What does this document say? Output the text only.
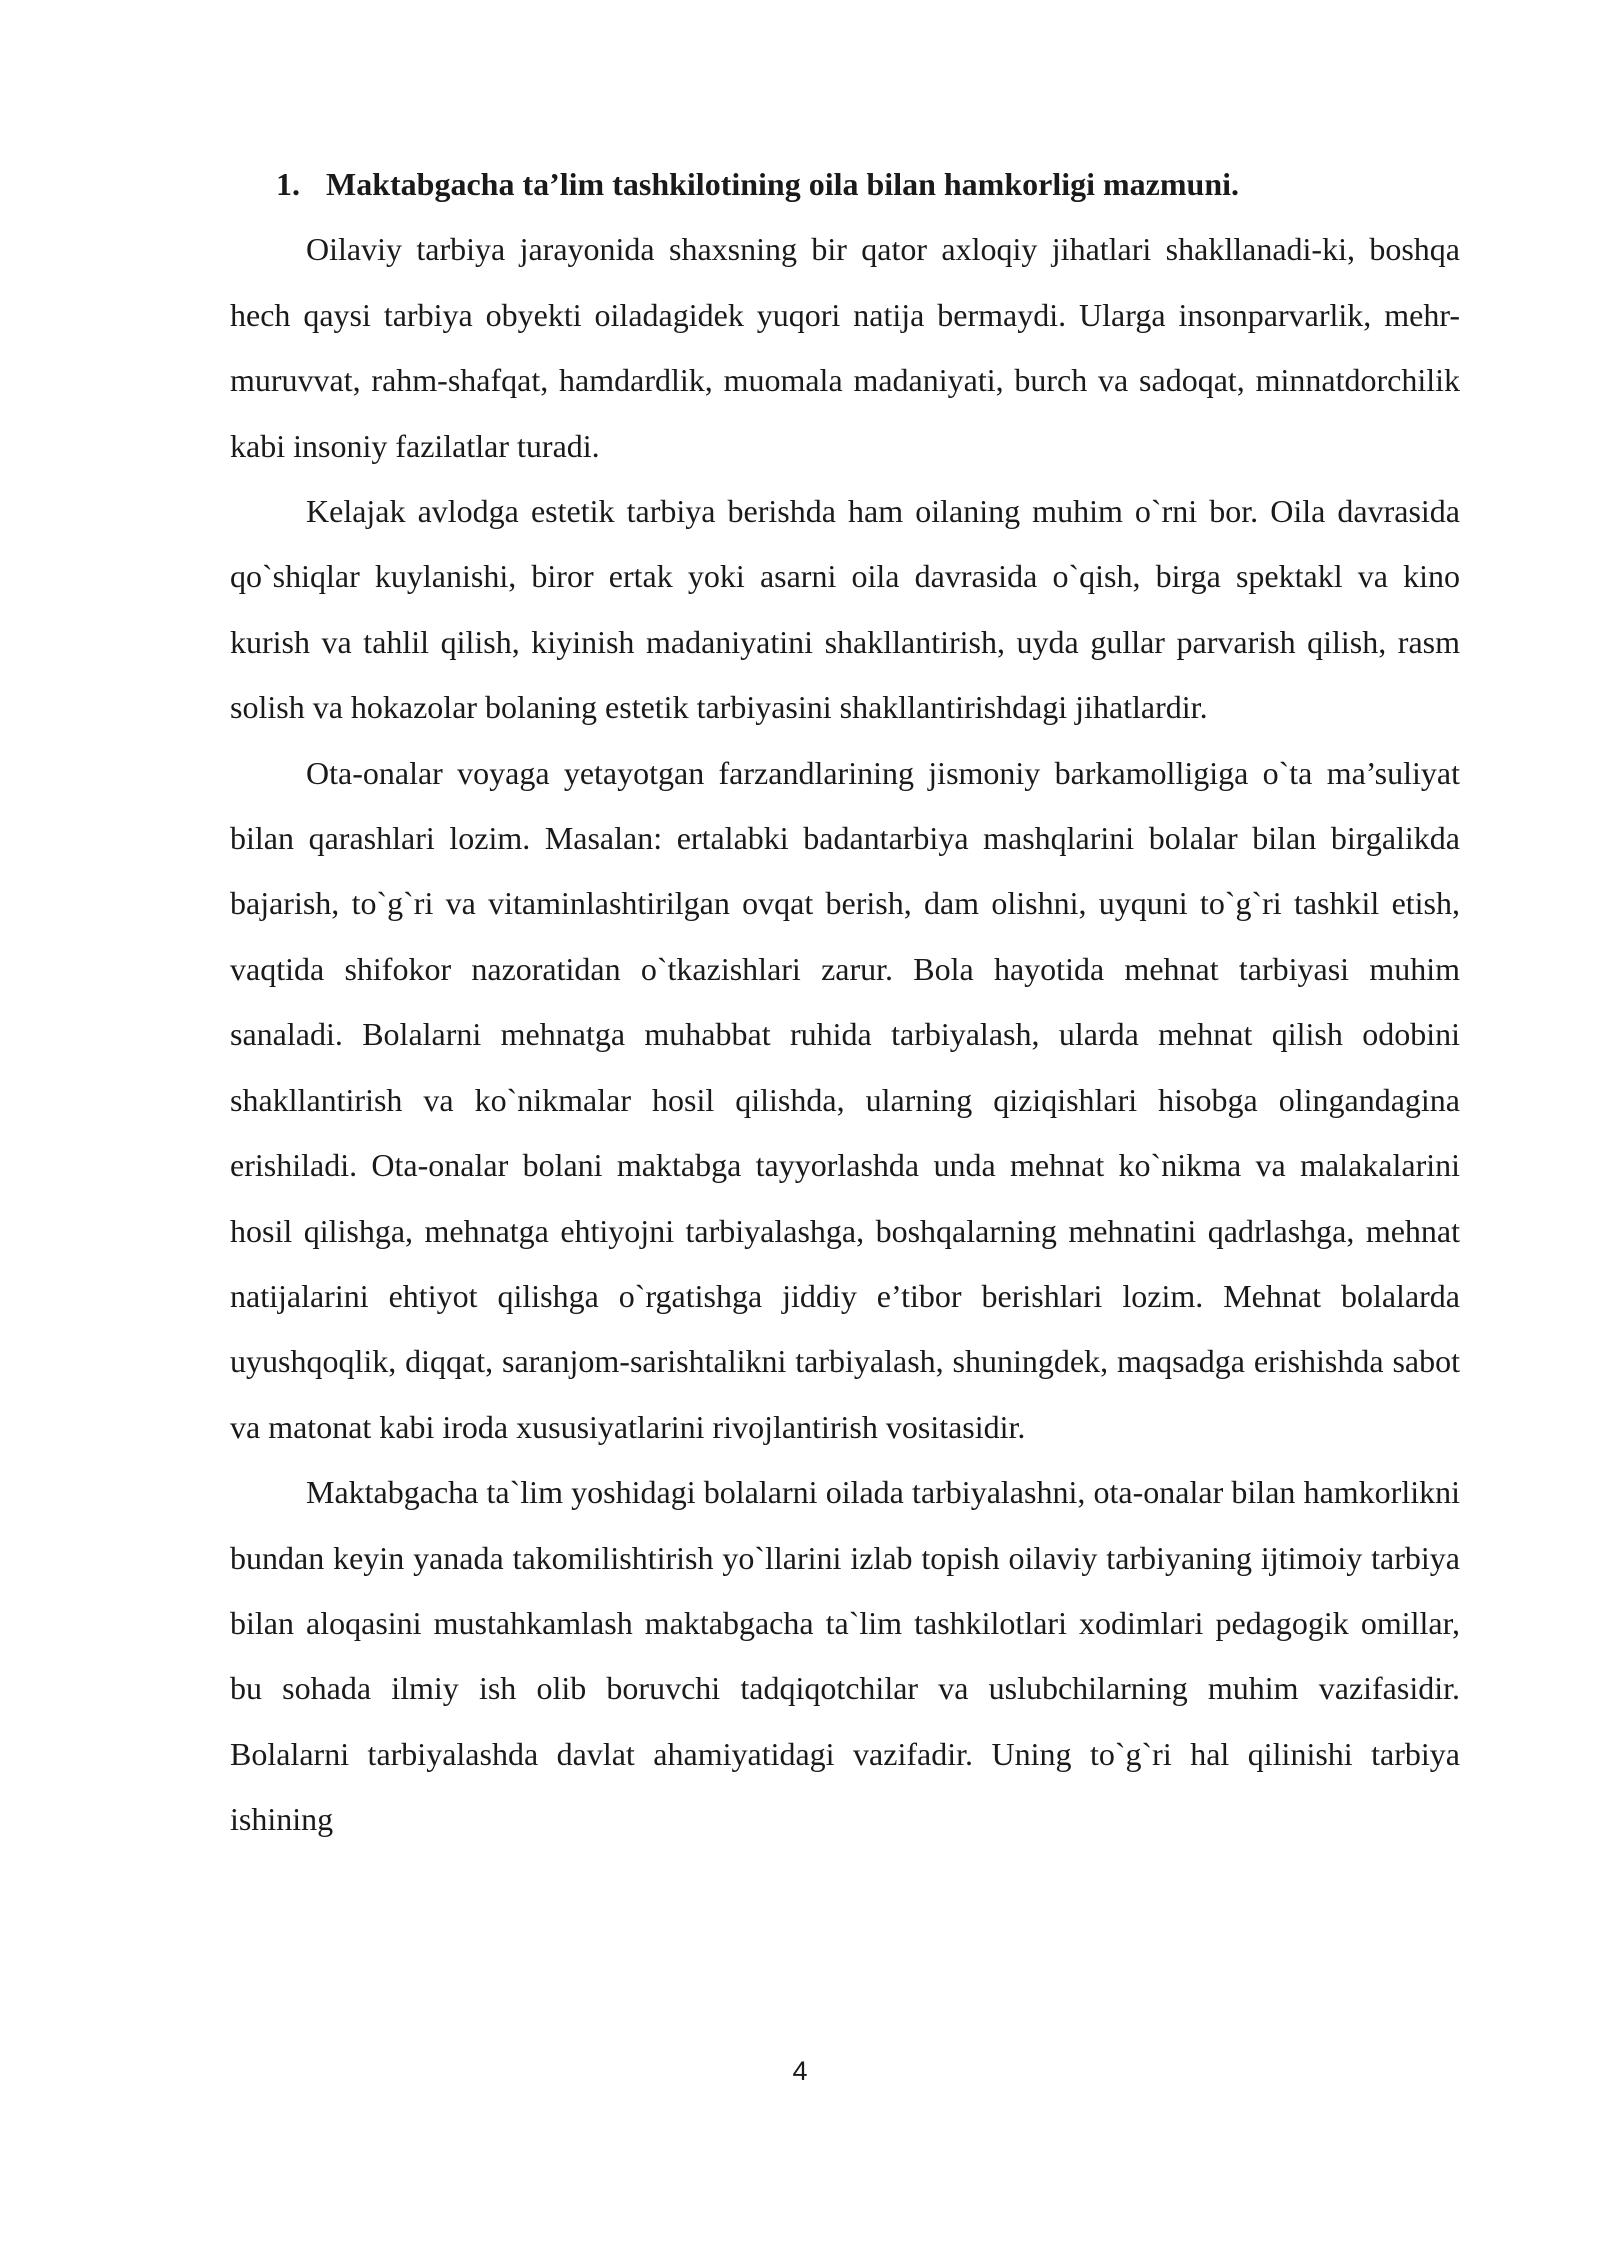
1. Maktabgacha ta’lim tashkilotining oila bilan hamkorligi mazmuni.

Oilaviy tarbiya jarayonida shaxsning bir qator axloqiy jihatlari shakllanadi-ki, boshqa hech qaysi tarbiya obyekti oiladagidek yuqori natija bermaydi. Ularga insonparvarlik, mehr-muruvvat, rahm-shafqat, hamdardlik, muomala madaniyati, burch va sadoqat, minnatdorchilik kabi insoniy fazilatlar turadi.

Kelajak avlodga estetik tarbiya berishda ham oilaning muhim o`rni bor. Oila davrasida qo`shiqlar kuylanishi, biror ertak yoki asarni oila davrasida o`qish, birga spektakl va kino kurish va tahlil qilish, kiyinish madaniyatini shakllantirish, uyda gullar parvarish qilish, rasm solish va hokazolar bolaning estetik tarbiyasini shakllantirishdagi jihatlardir.

Ota-onalar voyaga yetayotgan farzandlarining jismoniy barkamolligiga o`ta ma’suliyat bilan qarashlari lozim. Masalan: ertalabki badantarbiya mashqlarini bolalar bilan birgalikda bajarish, to`g`ri va vitaminlashtirilgan ovqat berish, dam olishni, uyquni to`g`ri tashkil etish, vaqtida shifokor nazoratidan o`tkazishlari zarur. Bola hayotida mehnat tarbiyasi muhim sanaladi. Bolalarni mehnatga muhabbat ruhida tarbiyalash, ularda mehnat qilish odobini shakllantirish va ko`nikmalar hosil qilishda, ularning qiziqishlari hisobga olingandagina erishiladi. Ota-onalar bolani maktabga tayyorlashda unda mehnat ko`nikma va malakalarini hosil qilishga, mehnatga ehtiyojni tarbiyalashga, boshqalarning mehnatini qadrlashga, mehnat natijalarini ehtiyot qilishga o`rgatishga jiddiy e’tibor berishlari lozim. Mehnat bolalarda uyushqoqlik, diqqat, saranjom-sarishtalikni tarbiyalash, shuningdek, maqsadga erishishda sabot va matonat kabi iroda xususiyatlarini rivojlantirish vositasidir.

Maktabgacha ta`lim yoshidagi bolalarni oilada tarbiyalashni, ota-onalar bilan hamkorlikni bundan keyin yanada takomilishtirish yo`llarini izlab topish oilaviy tarbiyaning ijtimoiy tarbiya bilan aloqasini mustahkamlash maktabgacha ta`lim tashkilotlari xodimlari pedagogik omillar, bu sohada ilmiy ish olib boruvchi tadqiqotchilar va uslubchilarning muhim vazifasidir. Bolalarni tarbiyalashda davlat ahamiyatidagi vazifadir. Uning to`g`ri hal qilinishi tarbiya ishining

4
